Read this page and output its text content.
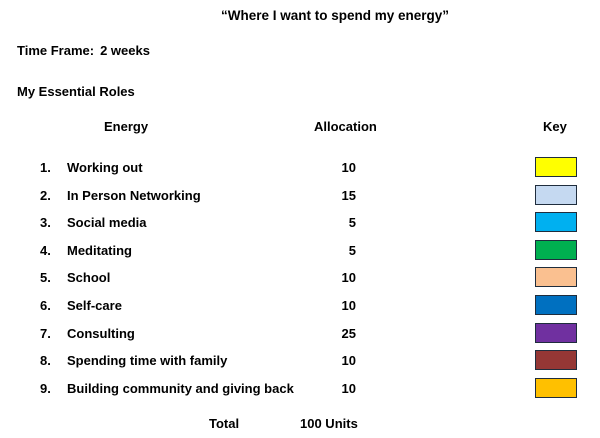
“Where I want to spend my energy”
Time Frame: 2 weeks
My Essential Roles
Energy	Allocation	Key
1.	Working out	10
2.	In Person Networking	15
3.	Social media	5
4.	Meditating	5
5.	School	10
6.	Self-care	10
7.	Consulting	25
8.	Spending time with family	10
9.	Building community and giving back	10
Total	100 Units
